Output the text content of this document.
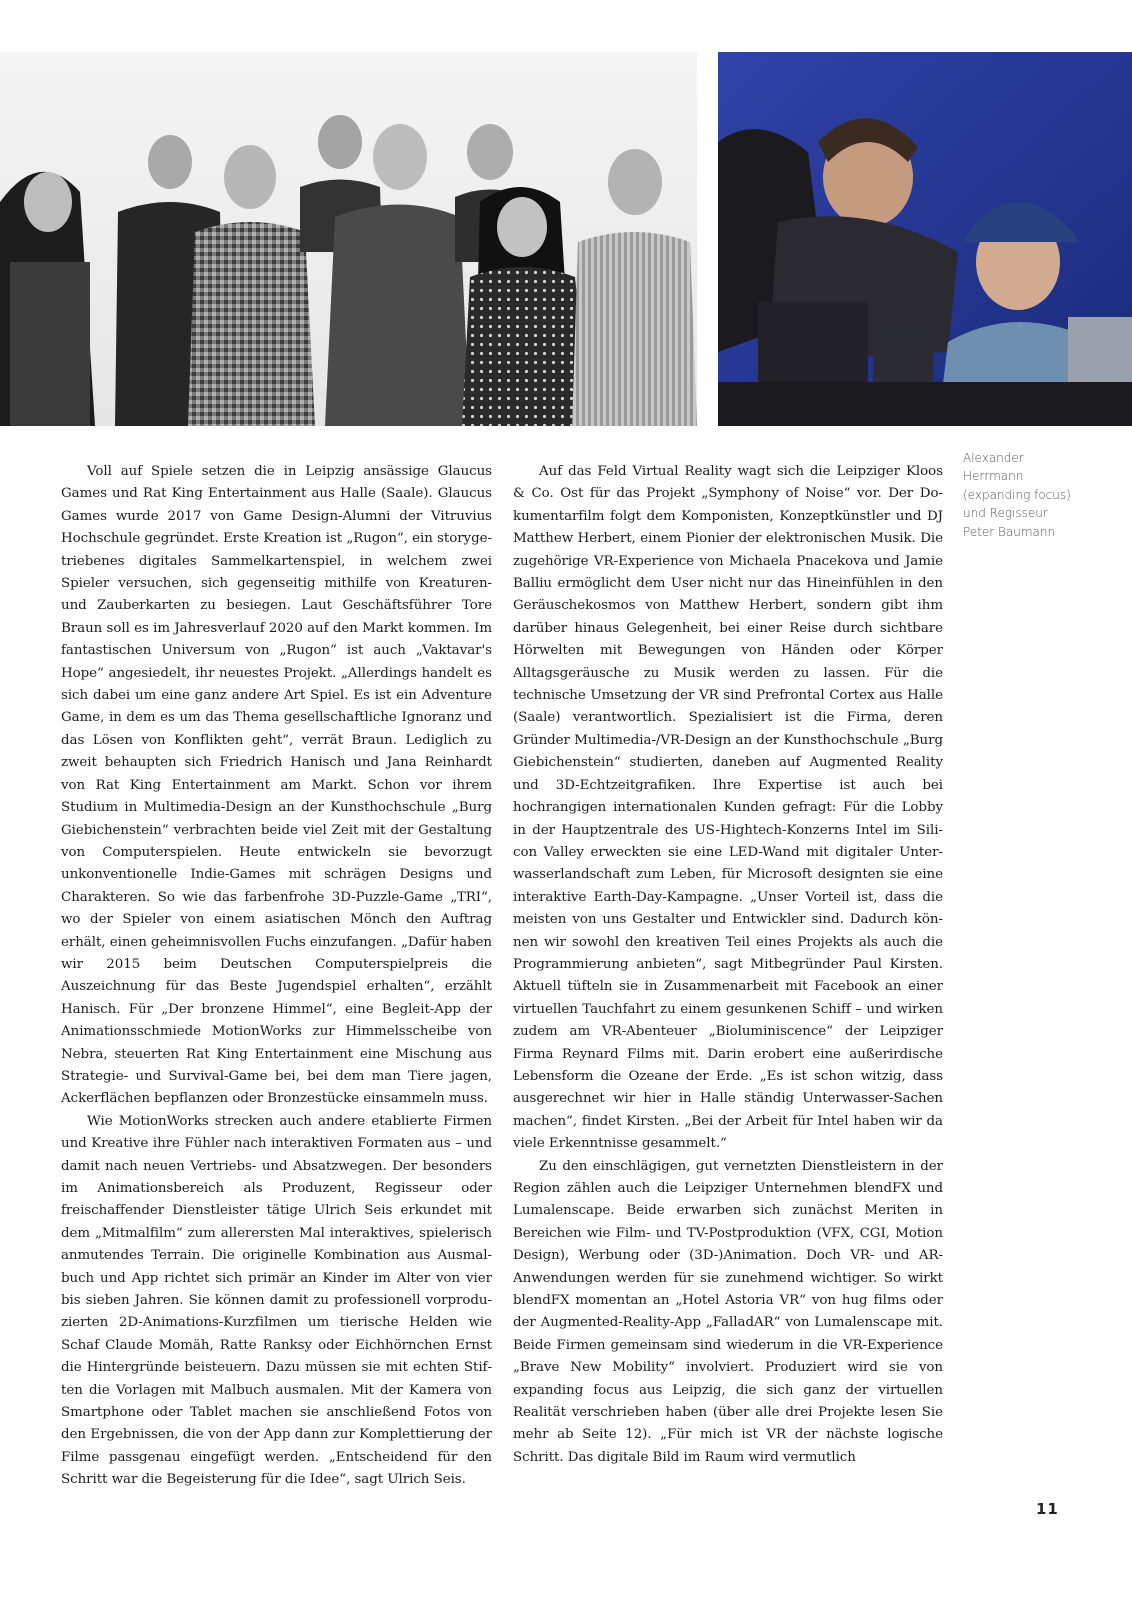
Alexander
Herrmann
(expanding focus)
und Regisseur
Peter Baumann

Voll auf Spiele setzen die in Leipzig ansässige Glaucus Games und Rat King Entertainment aus Halle (Saale). Glaucus Games wurde 2017 von Game Design-Alumni der Vitruvius Hochschule gegründet. Erste Kreation ist „Rugon“, ein storygetriebenes digitales Sammelkartenspiel, in welchem zwei Spieler versuchen, sich gegenseitig mithilfe von Kreaturen- und Zauberkarten zu besiegen. Laut Geschäftsführer Tore Braun soll es im Jahresverlauf 2020 auf den Markt kommen. Im fantastischen Universum von „Rugon“ ist auch „Vaktavar's Hope“ angesiedelt, ihr neuestes Projekt. „Allerdings handelt es sich dabei um eine ganz andere Art Spiel. Es ist ein Adventure Game, in dem es um das Thema gesellschaftliche Ignoranz und das Lösen von Konflikten geht“, verrät Braun. Lediglich zu zweit behaupten sich Friedrich Hanisch und Jana Reinhardt von Rat King Entertainment am Markt. Schon vor ihrem Studium in Multimedia-Design an der Kunsthochschule „Burg Giebichenstein“ verbrachten beide viel Zeit mit der Gestaltung von Computerspielen. Heute entwickeln sie bevorzugt unkonventionelle Indie-Games mit schrägen Designs und Charakteren. So wie das farbenfrohe 3D-Puzzle-Game „TRI“, wo der Spieler von einem asiatischen Mönch den Auftrag erhält, einen geheimnisvollen Fuchs einzufangen. „Dafür haben wir 2015 beim Deutschen Computerspielpreis die Auszeichnung für das Beste Jugendspiel erhalten“, erzählt Hanisch. Für „Der bronzene Himmel“, eine Begleit-App der Animationsschmiede MotionWorks zur Himmelsscheibe von Nebra, steuerten Rat King Entertainment eine Mischung aus Strategie- und Survival-Game bei, bei dem man Tiere jagen, Ackerflächen bepflanzen oder Bronzestücke einsammeln muss.

Wie MotionWorks strecken auch andere etablierte Firmen und Kreative ihre Fühler nach interaktiven Formaten aus – und damit nach neuen Vertriebs- und Absatzwegen. Der besonders im Animationsbereich als Produzent, Regisseur oder freischaffender Dienstleister tätige Ulrich Seis erkundet mit dem „Mitmalfilm“ zum allerersten Mal interaktives, spielerisch anmutendes Terrain. Die originelle Kombination aus Ausmalbuch und App richtet sich primär an Kinder im Alter von vier bis sieben Jahren. Sie können damit zu professionell vorproduzierten 2D-Animations-Kurzfilmen um tierische Helden wie Schaf Claude Momäh, Ratte Ranksy oder Eichhörnchen Ernst die Hintergründe beisteuern. Dazu müssen sie mit echten Stiften die Vorlagen mit Malbuch ausmalen. Mit der Kamera von Smartphone oder Tablet machen sie anschließend Fotos von den Ergebnissen, die von der App dann zur Komplettierung der Filme passgenau eingefügt werden. „Entscheidend für den Schritt war die Begeisterung für die Idee“, sagt Ulrich Seis.

Auf das Feld Virtual Reality wagt sich die Leipziger Kloos & Co. Ost für das Projekt „Symphony of Noise“ vor. Der Dokumentarfilm folgt dem Komponisten, Konzeptkünstler und DJ Matthew Herbert, einem Pionier der elektronischen Musik. Die zugehörige VR-Experience von Michaela Pnacekova und Jamie Balliu ermöglicht dem User nicht nur das Hineinfühlen in den Geräuschekosmos von Matthew Herbert, sondern gibt ihm darüber hinaus Gelegenheit, bei einer Reise durch sichtbare Hörwelten mit Bewegungen von Händen oder Körper Alltagsgeräusche zu Musik werden zu lassen. Für die technische Umsetzung der VR sind Prefrontal Cortex aus Halle (Saale) verantwortlich. Spezialisiert ist die Firma, deren Gründer Multimedia-/VR-Design an der Kunsthochschule „Burg Giebichenstein“ studierten, daneben auf Augmented Reality und 3D-Echtzeitgrafiken. Ihre Expertise ist auch bei hochrangigen internationalen Kunden gefragt: Für die Lobby in der Hauptzentrale des US-Hightech-Konzerns Intel im Silicon Valley erweckten sie eine LED-Wand mit digitaler Unterwasserlandschaft zum Leben, für Microsoft designten sie eine interaktive Earth-Day-Kampagne. „Unser Vorteil ist, dass die meisten von uns Gestalter und Entwickler sind. Dadurch können wir sowohl den kreativen Teil eines Projekts als auch die Programmierung anbieten“, sagt Mitbegründer Paul Kirsten. Aktuell tüfteln sie in Zusammenarbeit mit Facebook an einer virtuellen Tauchfahrt zu einem gesunkenen Schiff – und wirken zudem am VR-Abenteuer „Bioluminiscence“ der Leipziger Firma Reynard Films mit. Darin erobert eine außerirdische Lebensform die Ozeane der Erde. „Es ist schon witzig, dass ausgerechnet wir hier in Halle ständig Unterwasser-Sachen machen“, findet Kirsten. „Bei der Arbeit für Intel haben wir da viele Erkenntnisse gesammelt.“

Zu den einschlägigen, gut vernetzten Dienstleistern in der Region zählen auch die Leipziger Unternehmen blendFX und Lumalenscape. Beide erwarben sich zunächst Meriten in Bereichen wie Film- und TV-Postproduktion (VFX, CGI, Motion Design), Werbung oder (3D-)Animation. Doch VR- und AR-Anwendungen werden für sie zunehmend wichtiger. So wirkt blendFX momentan an „Hotel Astoria VR“ von hug films oder der Augmented-Reality-App „FalladAR“ von Lumalenscape mit. Beide Firmen gemeinsam sind wiederum in die VR-Experience „Brave New Mobility“ involviert. Produziert wird sie von expanding focus aus Leipzig, die sich ganz der virtuellen Realität verschrieben haben (über alle drei Projekte lesen Sie mehr ab Seite 12). „Für mich ist VR der nächste logische Schritt. Das digitale Bild im Raum wird vermutlich

11
